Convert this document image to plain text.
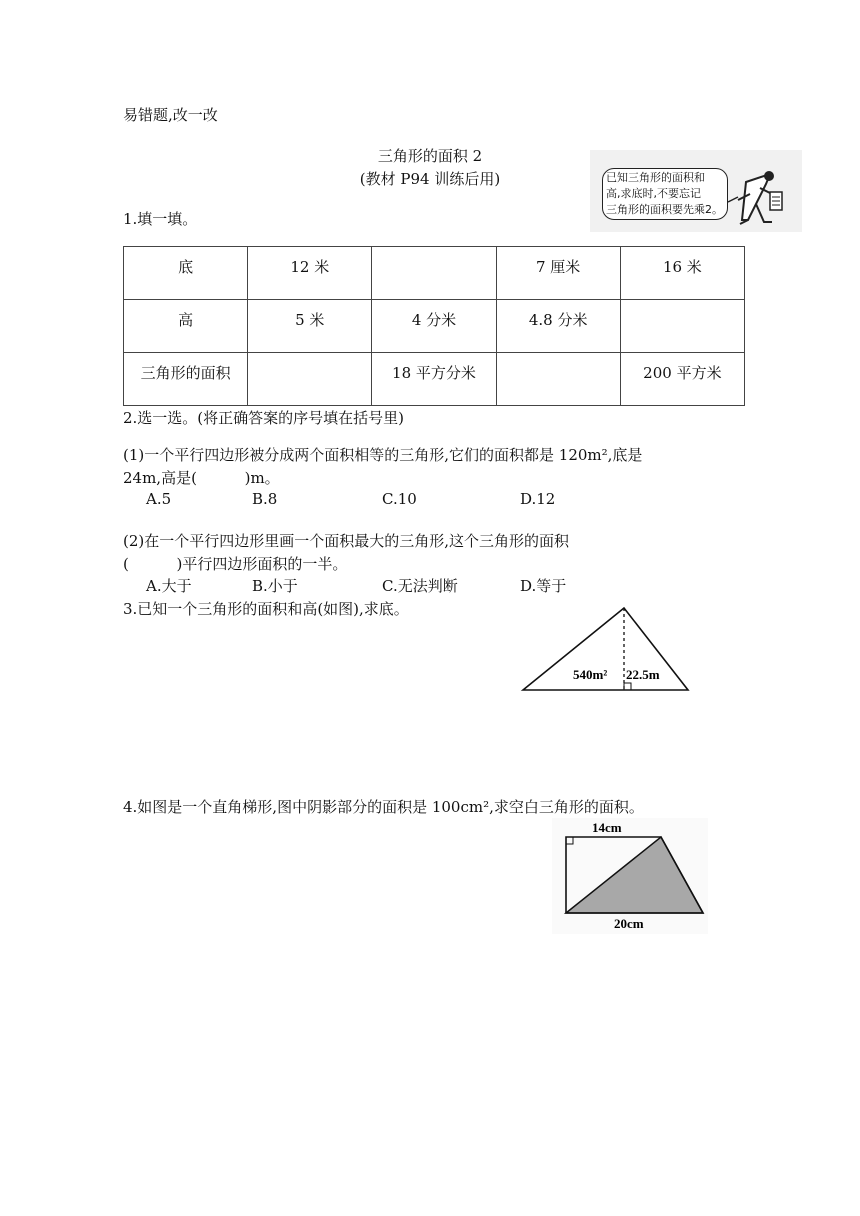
易错题,改一改
三角形的面积 2
(教材 P94 训练后用)	已知三角形的面积和
高,求底时,不要忘记
三角形的面积要先乘2。
1.填一填。
底	12 米		7 厘米	16 米
高	5 米	4 分米	4.8 分米	
三角形的面积		18 平方分米		200 平方米
2.选一选。(将正确答案的序号填在括号里)
(1)一个平行四边形被分成两个面积相等的三角形,它们的面积都是 120m²,底是
24m,高是(          )m。
A.5	B.8	C.10	D.12
(2)在一个平行四边形里画一个面积最大的三角形,这个三角形的面积
(          )平行四边形面积的一半。
A.大于	B.小于	C.无法判断	D.等于
3.已知一个三角形的面积和高(如图),求底。
540m² 22.5m
4.如图是一个直角梯形,图中阴影部分的面积是 100cm²,求空白三角形的面积。
14cm
20cm
